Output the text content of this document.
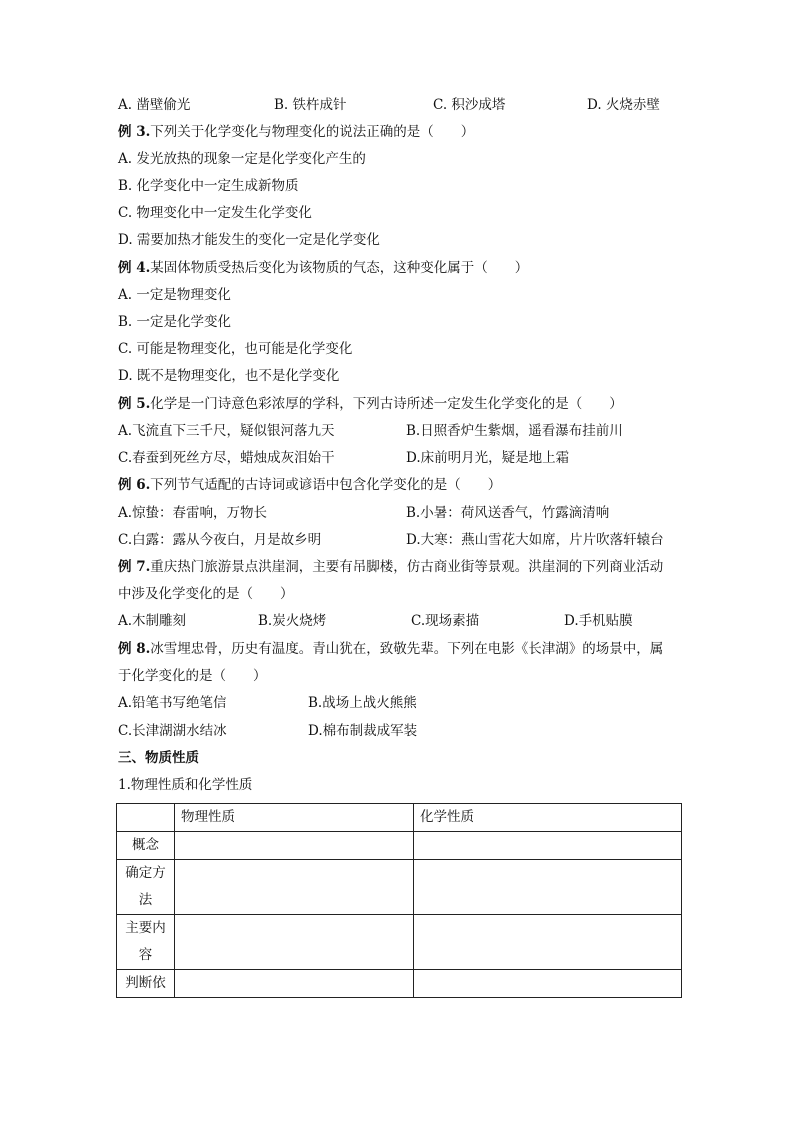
A. 凿壁偷光	B. 铁杵成针	C. 积沙成塔	D. 火烧赤壁
例 3.下列关于化学变化与物理变化的说法正确的是（　　）
A. 发光放热的现象一定是化学变化产生的
B. 化学变化中一定生成新物质
C. 物理变化中一定发生化学变化
D. 需要加热才能发生的变化一定是化学变化
例 4.某固体物质受热后变化为该物质的气态，这种变化属于（　　）
A. 一定是物理变化
B. 一定是化学变化
C. 可能是物理变化，也可能是化学变化
D. 既不是物理变化，也不是化学变化
例 5.化学是一门诗意色彩浓厚的学科，下列古诗所述一定发生化学变化的是（　　）
A.飞流直下三千尺，疑似银河落九天	B.日照香炉生紫烟，遥看瀑布挂前川
C.春蚕到死丝方尽，蜡烛成灰泪始干	D.床前明月光，疑是地上霜
例 6.下列节气适配的古诗词或谚语中包含化学变化的是（　　）
A.惊蛰：春雷响，万物长	B.小暑：荷风送香气，竹露滴清响
C.白露：露从今夜白，月是故乡明	D.大寒：燕山雪花大如席，片片吹落轩辕台
例 7.重庆热门旅游景点洪崖洞，主要有吊脚楼，仿古商业街等景观。洪崖洞的下列商业活动
中涉及化学变化的是（　　）
A.木制雕刻	B.炭火烧烤	C.现场素描	D.手机贴膜
例 8.冰雪埋忠骨，历史有温度。青山犹在，致敬先辈。下列在电影《长津湖》的场景中，属
于化学变化的是（　　）
A.铅笔书写绝笔信	B.战场上战火熊熊
C.长津湖湖水结冰	D.棉布制裁成军装
三、物质性质
1.物理性质和化学性质
	物理性质	化学性质
概念		
确定方法		
主要内容		
判断依		
